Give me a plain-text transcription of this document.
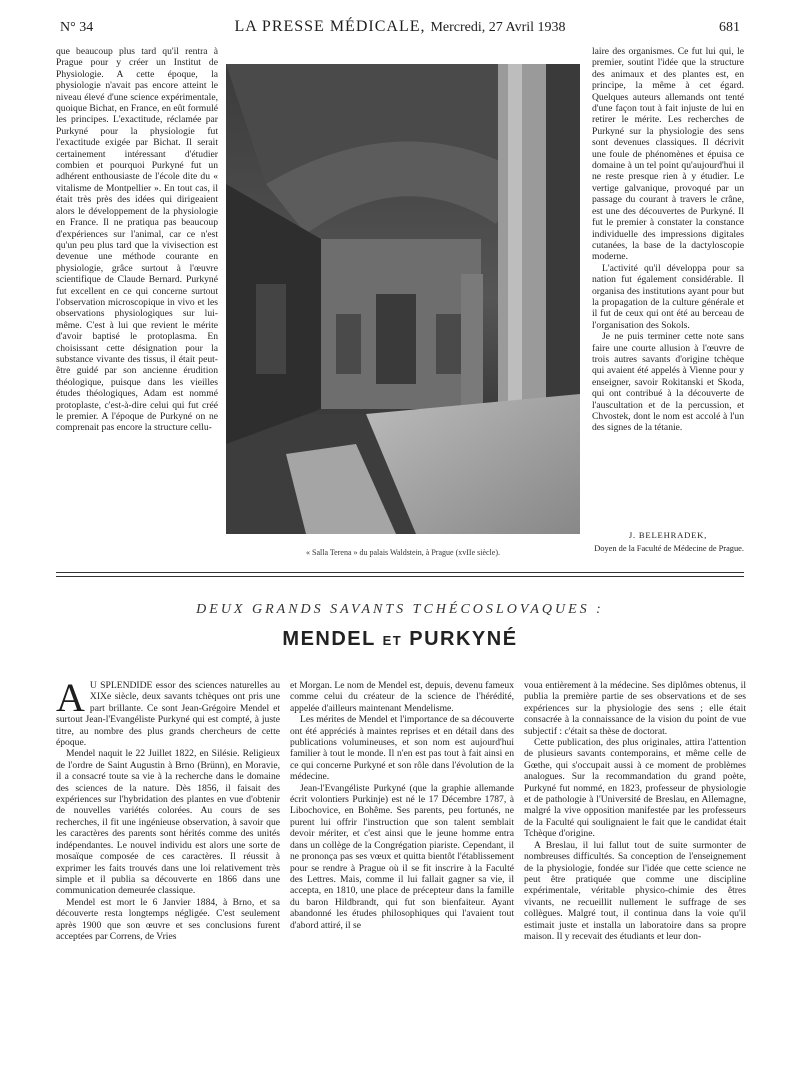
N° 34	LA PRESSE MÉDICALE, Mercredi, 27 Avril 1938	681

que beaucoup plus tard qu'il rentra à Prague pour y créer un Institut de Physiologie. A cette époque, la physiologie n'avait pas encore atteint le niveau élevé d'une science expérimentale, quoique Bichat, en France, en eût formulé les principes. L'exactitude, réclamée par Purkyné pour la physiologie fut l'exactitude exigée par Bichat. Il serait certainement intéressant d'étudier combien et pourquoi Purkyné fut un adhérent enthousiaste de l'école dite du « vitalisme de Montpellier ». En tout cas, il était très près des idées qui dirigeaient alors le développement de la physiologie en France. Il ne pratiqua pas beaucoup d'expériences sur l'animal, car ce n'est qu'un peu plus tard que la vivisection est devenue une méthode courante en physiologie, grâce surtout à l'œuvre scientifique de Claude Bernard. Purkyné fut excellent en ce qui concerne surtout l'observation microscopique in vivo et les observations physiologiques sur lui-même. C'est à lui que revient le mérite d'avoir baptisé le protoplasma. En choisissant cette désignation pour la substance vivante des tissus, il était peut-être guidé par son ancienne érudition théologique, puisque dans les vieilles études théologiques, Adam est nommé protoplaste, c'est-à-dire celui qui fut créé le premier. A l'époque de Purkyné on ne comprenait pas encore la structure cellu-

« Salla Terena » du palais Waldstein, à Prague (xvIIe siècle).

laire des organismes. Ce fut lui qui, le premier, soutint l'idée que la structure des animaux et des plantes est, en principe, la même à cet égard. Quelques auteurs allemands ont tenté d'une façon tout à fait injuste de lui en retirer le mérite. Les recherches de Purkyné sur la physiologie des sens sont devenues classiques. Il décrivit une foule de phénomènes et épuisa ce domaine à un tel point qu'aujourd'hui il ne reste presque rien à y étudier. Le vertige galvanique, provoqué par un passage du courant à travers le crâne, est une des découvertes de Purkyné. Il fut le premier à constater la constance individuelle des impressions digitales cutanées, la base de la dactyloscopie moderne.

L'activité qu'il développa pour sa nation fut également considérable. Il organisa des institutions ayant pour but la propagation de la culture générale et il fut de ceux qui ont été au berceau de l'organisation des Sokols.

Je ne puis terminer cette note sans faire une courte allusion à l'œuvre de trois autres savants d'origine tchèque qui avaient été appelés à Vienne pour y enseigner, savoir Rokitanski et Skoda, qui ont contribué à la découverte de l'auscultation et de la percussion, et Chvostek, dont le nom est accolé à l'un des signes de la tétanie.

J. BELEHRADEK,
Doyen de la Faculté de Médecine de Prague.
DEUX GRANDS SAVANTS TCHÉCOSLOVAQUES :
MENDEL ET PURKYNÉ
A U SPLENDIDE essor des sciences naturelles au XIXe siècle, deux savants tchèques ont pris une part brillante. Ce sont Jean-Grégoire Mendel et surtout Jean-l'Evangéliste Purkyné qui est compté, à juste titre, au nombre des plus grands chercheurs de cette époque.

Mendel naquit le 22 Juillet 1822, en Silésie. Religieux de l'ordre de Saint Augustin à Brno (Brünn), en Moravie, il a consacré toute sa vie à la recherche dans le domaine des sciences de la nature. Dès 1856, il faisait des expériences sur l'hybridation des plantes en vue d'obtenir de nouvelles variétés colorées. Au cours de ses recherches, il fit une ingénieuse observation, à savoir que les caractères des parents sont hérités comme des unités indépendantes. Le nouvel individu est alors une sorte de mosaïque composée de ces caractères. Il réussit à exprimer les faits trouvés dans une loi relativement très simple et il publia sa découverte en 1866 dans une communication demeurée classique.

Mendel est mort le 6 Janvier 1884, à Brno, et sa découverte resta longtemps négligée. C'est seulement après 1900 que son œuvre et ses conclusions furent acceptées par Correns, de Vries

et Morgan. Le nom de Mendel est, depuis, devenu fameux comme celui du créateur de la science de l'hérédité, appelée d'ailleurs maintenant Mendelisme.

Les mérites de Mendel et l'importance de sa découverte ont été appréciés à maintes reprises et en détail dans des publications volumineuses, et son nom est aujourd'hui familier à tout le monde. Il n'en est pas tout à fait ainsi en ce qui concerne Purkyné et son rôle dans l'évolution de la médecine.

Jean-l'Evangéliste Purkyné (que la graphie allemande écrit volontiers Purkinje) est né le 17 Décembre 1787, à Libochovice, en Bohême. Ses parents, peu fortunés, ne purent lui offrir l'instruction que son talent semblait devoir mériter, et c'est ainsi que le jeune homme entra dans un collège de la Congrégation piariste. Cependant, il ne prononça pas ses vœux et quitta bientôt l'établissement pour se rendre à Prague où il se fit inscrire à la Faculté des Lettres. Mais, comme il lui fallait gagner sa vie, il accepta, en 1810, une place de précepteur dans la famille du baron Hildbrandt, qui fut son bienfaiteur. Ayant abandonné les études philosophiques qui l'avaient tout d'abord attiré, il se

voua entièrement à la médecine. Ses diplômes obtenus, il publia la première partie de ses observations et de ses expériences sur la physiologie des sens ; elle était consacrée à la connaissance de la vision du point de vue subjectif : c'était sa thèse de doctorat.

Cette publication, des plus originales, attira l'attention de plusieurs savants contemporains, et même celle de Gœthe, qui s'occupait aussi à ce moment de problèmes analogues. Sur la recommandation du grand poète, Purkyné fut nommé, en 1823, professeur de physiologie et de pathologie à l'Université de Breslau, en Allemagne, malgré la vive opposition manifestée par les professeurs de la Faculté qui soulignaient le fait que le candidat était Tchèque d'origine.

A Breslau, il lui fallut tout de suite surmonter de nombreuses difficultés. Sa conception de l'enseignement de la physiologie, fondée sur l'idée que cette science ne peut être pratiquée que comme une discipline expérimentale, véritable physico-chimie des êtres vivants, ne recueillit nullement le suffrage de ses collègues. Malgré tout, il continua dans la voie qu'il estimait juste et installa un laboratoire dans sa propre maison. Il y recevait des étudiants et leur don-
